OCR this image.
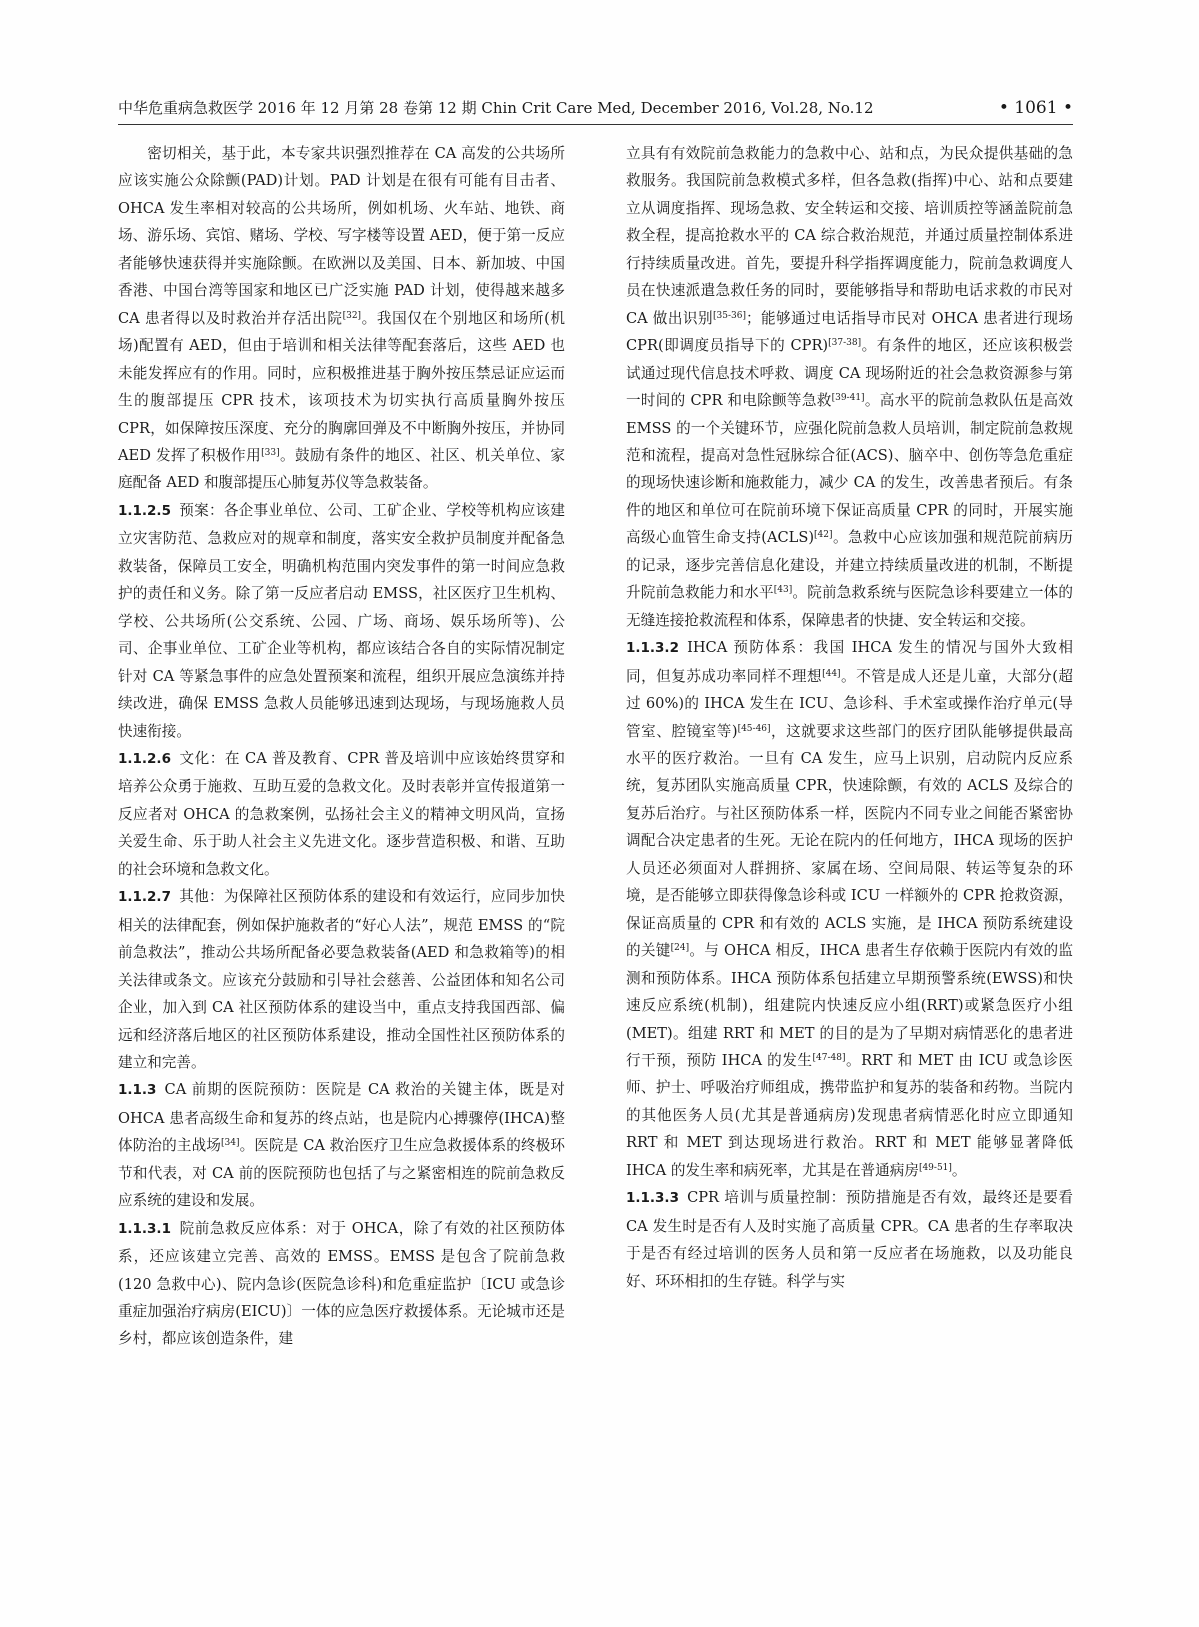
中华危重病急救医学 2016 年 12 月第 28 卷第 12 期 Chin Crit Care Med, December 2016, Vol.28, No.12	• 1061 •

密切相关，基于此，本专家共识强烈推荐在 CA 高发的公共场所应该实施公众除颤(PAD)计划。PAD 计划是在很有可能有目击者、OHCA 发生率相对较高的公共场所，例如机场、火车站、地铁、商场、游乐场、宾馆、赌场、学校、写字楼等设置 AED，便于第一反应者能够快速获得并实施除颤。在欧洲以及美国、日本、新加坡、中国香港、中国台湾等国家和地区已广泛实施 PAD 计划，使得越来越多 CA 患者得以及时救治并存活出院[32]。我国仅在个别地区和场所(机场)配置有 AED，但由于培训和相关法律等配套落后，这些 AED 也未能发挥应有的作用。同时，应积极推进基于胸外按压禁忌证应运而生的腹部提压 CPR 技术，该项技术为切实执行高质量胸外按压 CPR，如保障按压深度、充分的胸廓回弹及不中断胸外按压，并协同 AED 发挥了积极作用[33]。鼓励有条件的地区、社区、机关单位、家庭配备 AED 和腹部提压心肺复苏仪等急救装备。

1.1.2.5 预案：各企事业单位、公司、工矿企业、学校等机构应该建立灾害防范、急救应对的规章和制度，落实安全救护员制度并配备急救装备，保障员工安全，明确机构范围内突发事件的第一时间应急救护的责任和义务。除了第一反应者启动 EMSS，社区医疗卫生机构、学校、公共场所(公交系统、公园、广场、商场、娱乐场所等)、公司、企事业单位、工矿企业等机构，都应该结合各自的实际情况制定针对 CA 等紧急事件的应急处置预案和流程，组织开展应急演练并持续改进，确保 EMSS 急救人员能够迅速到达现场，与现场施救人员快速衔接。

1.1.2.6 文化：在 CA 普及教育、CPR 普及培训中应该始终贯穿和培养公众勇于施救、互助互爱的急救文化。及时表彰并宣传报道第一反应者对 OHCA 的急救案例，弘扬社会主义的精神文明风尚，宣扬关爱生命、乐于助人社会主义先进文化。逐步营造积极、和谐、互助的社会环境和急救文化。

1.1.2.7 其他：为保障社区预防体系的建设和有效运行，应同步加快相关的法律配套，例如保护施救者的“好心人法”，规范 EMSS 的“院前急救法”，推动公共场所配备必要急救装备(AED 和急救箱等)的相关法律或条文。应该充分鼓励和引导社会慈善、公益团体和知名公司企业，加入到 CA 社区预防体系的建设当中，重点支持我国西部、偏远和经济落后地区的社区预防体系建设，推动全国性社区预防体系的建立和完善。

1.1.3 CA 前期的医院预防：医院是 CA 救治的关键主体，既是对 OHCA 患者高级生命和复苏的终点站，也是院内心搏骤停(IHCA)整体防治的主战场[34]。医院是 CA 救治医疗卫生应急救援体系的终极环节和代表，对 CA 前的医院预防也包括了与之紧密相连的院前急救反应系统的建设和发展。

1.1.3.1 院前急救反应体系：对于 OHCA，除了有效的社区预防体系，还应该建立完善、高效的 EMSS。EMSS 是包含了院前急救(120 急救中心)、院内急诊(医院急诊科)和危重症监护〔ICU 或急诊重症加强治疗病房(EICU)〕一体的应急医疗救援体系。无论城市还是乡村，都应该创造条件，建

立具有有效院前急救能力的急救中心、站和点，为民众提供基础的急救服务。我国院前急救模式多样，但各急救(指挥)中心、站和点要建立从调度指挥、现场急救、安全转运和交接、培训质控等涵盖院前急救全程，提高抢救水平的 CA 综合救治规范，并通过质量控制体系进行持续质量改进。首先，要提升科学指挥调度能力，院前急救调度人员在快速派遣急救任务的同时，要能够指导和帮助电话求救的市民对 CA 做出识别[35-36]；能够通过电话指导市民对 OHCA 患者进行现场 CPR(即调度员指导下的 CPR)[37-38]。有条件的地区，还应该积极尝试通过现代信息技术呼救、调度 CA 现场附近的社会急救资源参与第一时间的 CPR 和电除颤等急救[39-41]。高水平的院前急救队伍是高效 EMSS 的一个关键环节，应强化院前急救人员培训，制定院前急救规范和流程，提高对急性冠脉综合征(ACS)、脑卒中、创伤等急危重症的现场快速诊断和施救能力，减少 CA 的发生，改善患者预后。有条件的地区和单位可在院前环境下保证高质量 CPR 的同时，开展实施高级心血管生命支持(ACLS)[42]。急救中心应该加强和规范院前病历的记录，逐步完善信息化建设，并建立持续质量改进的机制，不断提升院前急救能力和水平[43]。院前急救系统与医院急诊科要建立一体的无缝连接抢救流程和体系，保障患者的快捷、安全转运和交接。

1.1.3.2 IHCA 预防体系：我国 IHCA 发生的情况与国外大致相同，但复苏成功率同样不理想[44]。不管是成人还是儿童，大部分(超过 60%)的 IHCA 发生在 ICU、急诊科、手术室或操作治疗单元(导管室、腔镜室等)[45-46]，这就要求这些部门的医疗团队能够提供最高水平的医疗救治。一旦有 CA 发生，应马上识别，启动院内反应系统，复苏团队实施高质量 CPR，快速除颤，有效的 ACLS 及综合的复苏后治疗。与社区预防体系一样，医院内不同专业之间能否紧密协调配合决定患者的生死。无论在院内的任何地方，IHCA 现场的医护人员还必须面对人群拥挤、家属在场、空间局限、转运等复杂的环境，是否能够立即获得像急诊科或 ICU 一样额外的 CPR 抢救资源，保证高质量的 CPR 和有效的 ACLS 实施，是 IHCA 预防系统建设的关键[24]。与 OHCA 相反，IHCA 患者生存依赖于医院内有效的监测和预防体系。IHCA 预防体系包括建立早期预警系统(EWSS)和快速反应系统(机制)，组建院内快速反应小组(RRT)或紧急医疗小组(MET)。组建 RRT 和 MET 的目的是为了早期对病情恶化的患者进行干预，预防 IHCA 的发生[47-48]。RRT 和 MET 由 ICU 或急诊医师、护士、呼吸治疗师组成，携带监护和复苏的装备和药物。当院内的其他医务人员(尤其是普通病房)发现患者病情恶化时应立即通知 RRT 和 MET 到达现场进行救治。RRT 和 MET 能够显著降低 IHCA 的发生率和病死率，尤其是在普通病房[49-51]。

1.1.3.3 CPR 培训与质量控制：预防措施是否有效，最终还是要看 CA 发生时是否有人及时实施了高质量 CPR。CA 患者的生存率取决于是否有经过培训的医务人员和第一反应者在场施救，以及功能良好、环环相扣的生存链。科学与实
